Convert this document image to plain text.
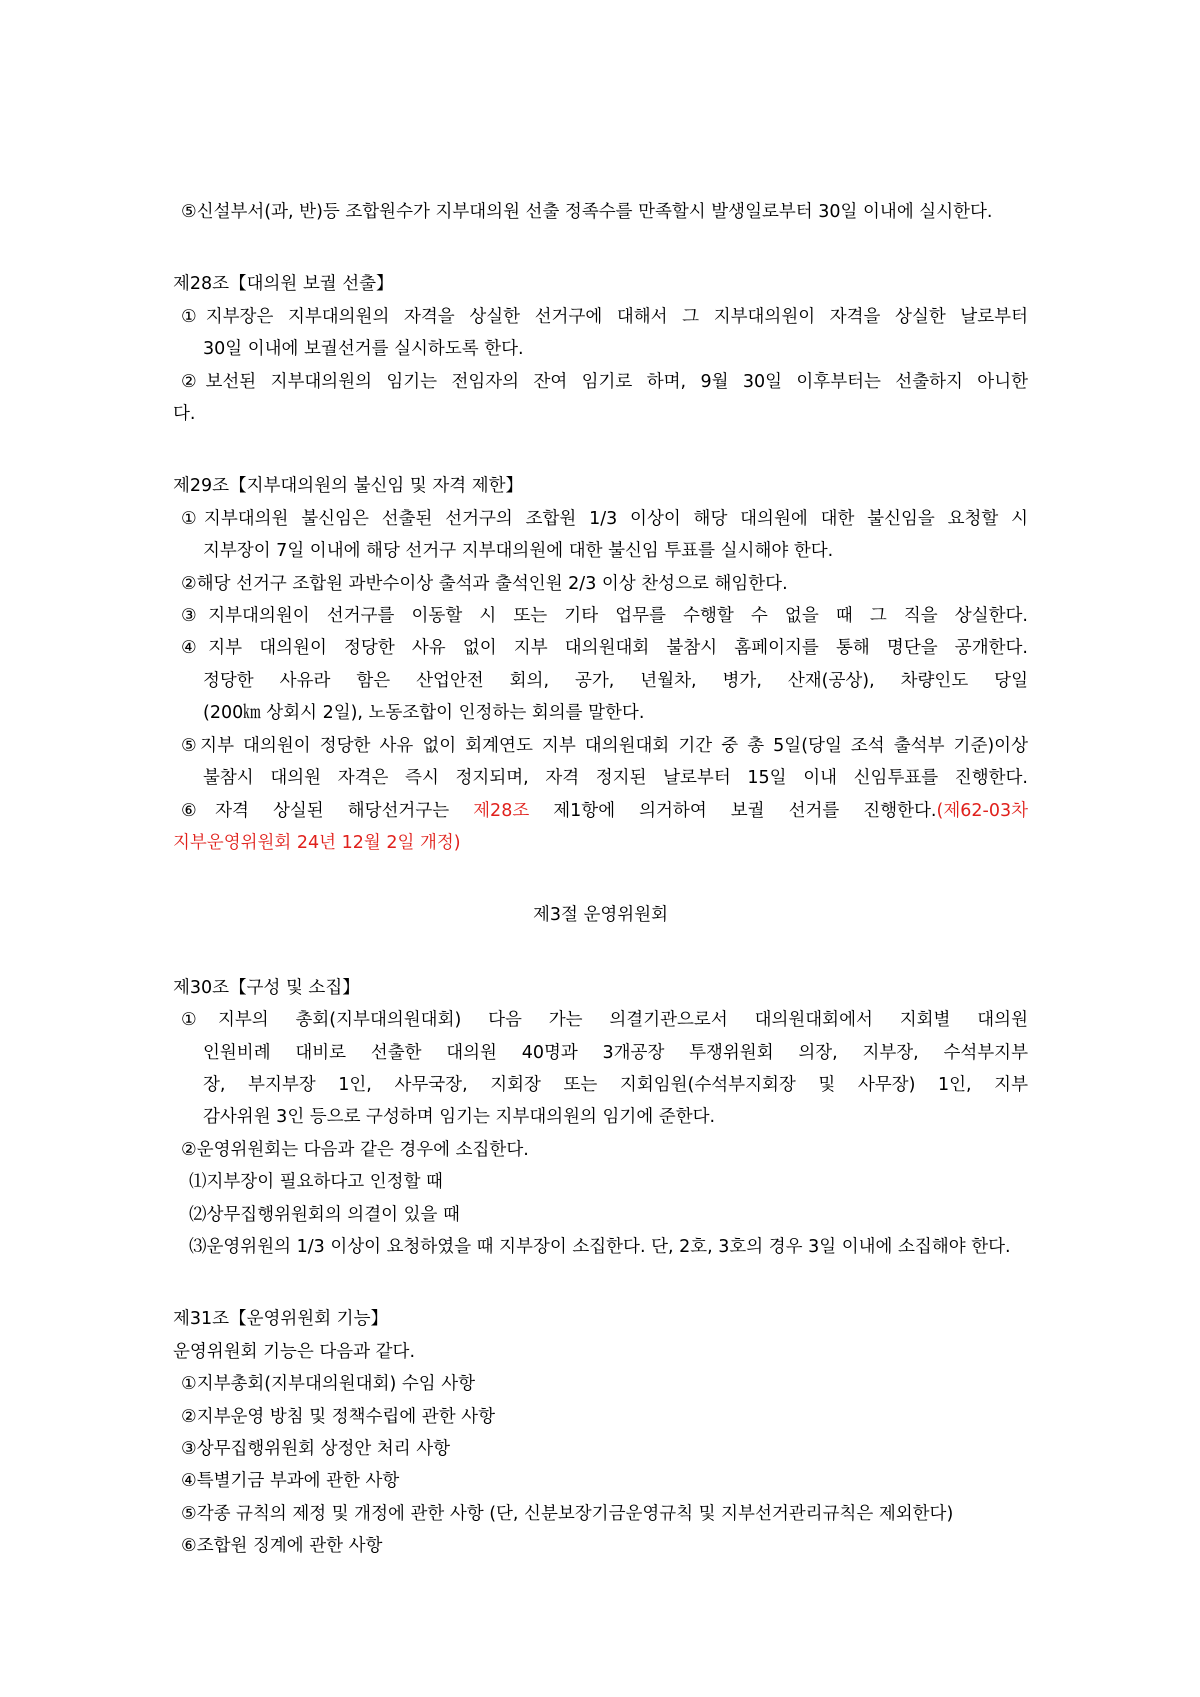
⑤신설부서(과, 반)등 조합원수가 지부대의원 선출 정족수를 만족할시 발생일로부터 30일 이내에 실시한다.
제28조【대의원 보궐 선출】
①지부장은 지부대의원의 자격을 상실한 선거구에 대해서 그 지부대의원이 자격을 상실한 날로부터
30일 이내에 보궐선거를 실시하도록 한다.
②보선된 지부대의원의 임기는 전임자의 잔여 임기로 하며, 9월 30일 이후부터는 선출하지 아니한
다.
제29조【지부대의원의 불신임 및 자격 제한】
①지부대의원 불신임은 선출된 선거구의 조합원 1/3 이상이 해당 대의원에 대한 불신임을 요청할 시
지부장이 7일 이내에 해당 선거구 지부대의원에 대한 불신임 투표를 실시해야 한다.
②해당 선거구 조합원 과반수이상 출석과 출석인원 2/3 이상 찬성으로 해임한다.
③지부대의원이 선거구를 이동할 시 또는 기타 업무를 수행할 수 없을 때 그 직을 상실한다.
④지부 대의원이 정당한 사유 없이 지부 대의원대회 불참시 홈페이지를 통해 명단을 공개한다.
정당한 사유라 함은 산업안전 회의, 공가, 년월차, 병가, 산재(공상), 차량인도 당일
(200㎞ 상회시 2일), 노동조합이 인정하는 회의를 말한다.
⑤지부 대의원이 정당한 사유 없이 회계연도 지부 대의원대회 기간 중 총 5일(당일 조석 출석부 기준)이상
불참시 대의원 자격은 즉시 정지되며, 자격 정지된 날로부터 15일 이내 신임투표를 진행한다.
⑥자격 상실된 해당선거구는 제28조 제1항에 의거하여 보궐 선거를 진행한다.(제62-03차
지부운영위원회 24년 12월 2일 개정)
제3절 운영위원회
제30조【구성 및 소집】
①지부의 총회(지부대의원대회) 다음 가는 의결기관으로서 대의원대회에서 지회별 대의원
인원비례 대비로 선출한 대의원 40명과 3개공장 투쟁위원회 의장, 지부장, 수석부지부
장, 부지부장 1인, 사무국장, 지회장 또는 지회임원(수석부지회장 및 사무장) 1인, 지부
감사위원 3인 등으로 구성하며 임기는 지부대의원의 임기에 준한다.
②운영위원회는 다음과 같은 경우에 소집한다.
⑴지부장이 필요하다고 인정할 때
⑵상무집행위원회의 의결이 있을 때
⑶운영위원의 1/3 이상이 요청하였을 때 지부장이 소집한다. 단, 2호, 3호의 경우 3일 이내에 소집해야 한다.
제31조【운영위원회 기능】
운영위원회 기능은 다음과 같다.
①지부총회(지부대의원대회) 수임 사항
②지부운영 방침 및 정책수립에 관한 사항
③상무집행위원회 상정안 처리 사항
④특별기금 부과에 관한 사항
⑤각종 규칙의 제정 및 개정에 관한 사항 (단, 신분보장기금운영규칙 및 지부선거관리규칙은 제외한다)
⑥조합원 징계에 관한 사항
